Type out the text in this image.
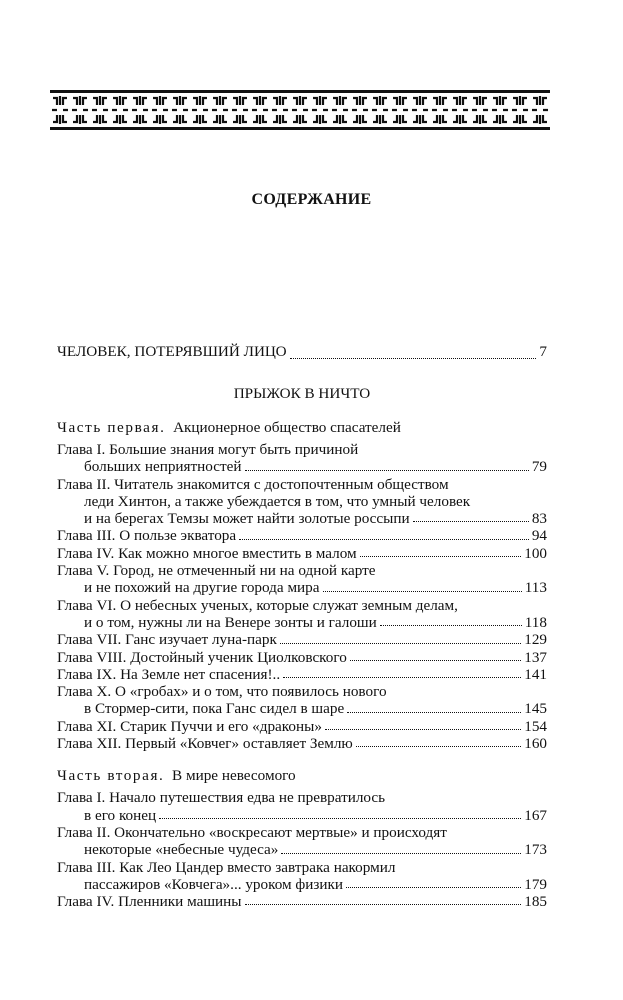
СОДЕРЖАНИЕ
ЧЕЛОВЕК, ПОТЕРЯВШИЙ ЛИЦО	7
ПРЫЖОК В НИЧТО
Часть первая. Акционерное общество спасателей
Глава I. Большие знания могут быть причиной
больших неприятностей	79
Глава II. Читатель знакомится с достопочтенным обществом
леди Хинтон, а также убеждается в том, что умный человек
и на берегах Темзы может найти золотые россыпи	83
Глава III. О пользе экватора	94
Глава IV. Как можно многое вместить в малом	100
Глава V. Город, не отмеченный ни на одной карте
и не похожий на другие города мира	113
Глава VI. О небесных ученых, которые служат земным делам,
и о том, нужны ли на Венере зонты и галоши	118
Глава VII. Ганс изучает луна-парк	129
Глава VIII. Достойный ученик Циолковского	137
Глава IX. На Земле нет спасения!..	141
Глава X. О «гробах» и о том, что появилось нового
в Стормер-сити, пока Ганс сидел в шаре	145
Глава XI. Старик Пуччи и его «драконы»	154
Глава XII. Первый «Ковчег» оставляет Землю	160
Часть вторая. В мире невесомого
Глава I. Начало путешествия едва не превратилось
в его конец	167
Глава II. Окончательно «воскресают мертвые» и происходят
некоторые «небесные чудеса»	173
Глава III. Как Лео Цандер вместо завтрака накормил
пассажиров «Ковчега»... уроком физики	179
Глава IV. Пленники машины	185
